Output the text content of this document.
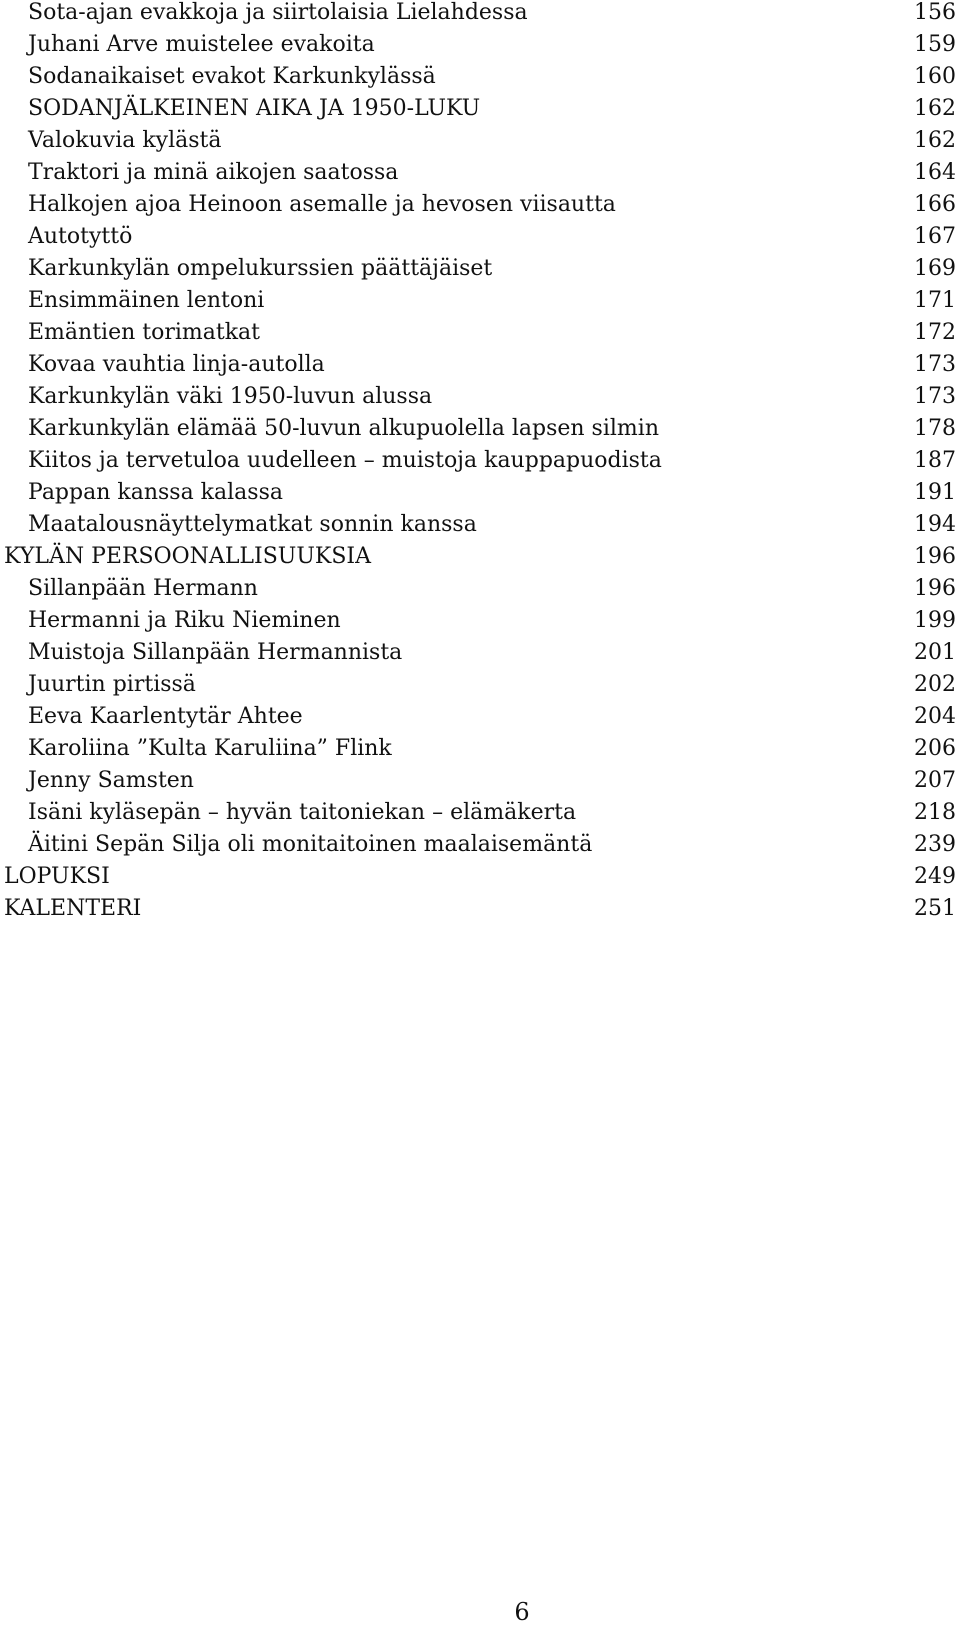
Sota-ajan evakkoja ja siirtolaisia Lielahdessa	156
Juhani Arve muistelee evakoita	159
Sodanaikaiset evakot Karkunkylässä	160
SODANJÄLKEINEN AIKA JA 1950-LUKU	162
Valokuvia kylästä	162
Traktori ja minä aikojen saatossa	164
Halkojen ajoa Heinoon asemalle ja hevosen viisautta	166
Autotyttö	167
Karkunkylän ompelukurssien päättäjäiset	169
Ensimmäinen lentoni	171
Emäntien torimatkat	172
Kovaa vauhtia linja-autolla	173
Karkunkylän väki 1950-luvun alussa	173
Karkunkylän elämää 50-luvun alkupuolella lapsen silmin	178
Kiitos ja tervetuloa uudelleen – muistoja kauppapuodista	187
Pappan kanssa kalassa	191
Maatalousnäyttelymatkat sonnin kanssa	194
KYLÄN PERSOONALLISUUKSIA	196
Sillanpään Hermann	196
Hermanni ja Riku Nieminen	199
Muistoja Sillanpään Hermannista	201
Juurtin pirtissä	202
Eeva Kaarlentytär Ahtee	204
Karoliina ”Kulta Karuliina” Flink	206
Jenny Samsten	207
Isäni kyläsepän – hyvän taitoniekan – elämäkerta	218
Äitini Sepän Silja oli monitaitoinen maalaisemäntä	239
LOPUKSI	249
KALENTERI	251
6
